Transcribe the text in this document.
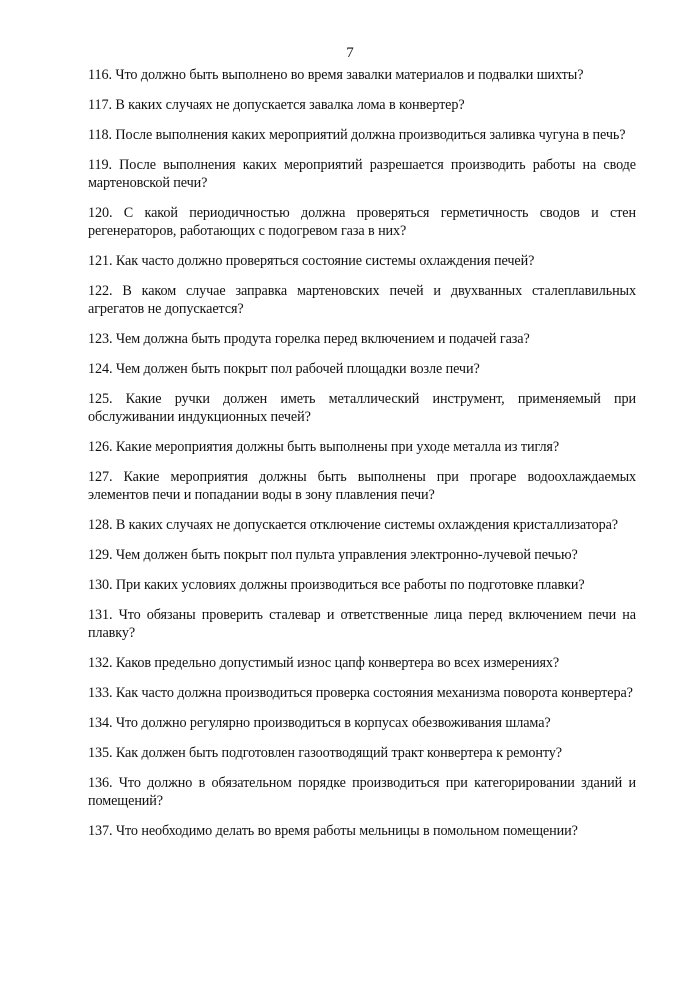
7
116. Что должно быть выполнено во время завалки материалов и подвалки шихты?
117. В каких случаях не допускается завалка лома в конвертер?
118. После выполнения каких мероприятий должна производиться заливка чугуна в печь?
119. После выполнения каких мероприятий разрешается производить работы на своде мартеновской печи?
120. С какой периодичностью должна проверяться герметичность сводов и стен регенераторов, работающих с подогревом газа в них?
121. Как часто должно проверяться состояние системы охлаждения печей?
122. В каком случае заправка мартеновских печей и двухванных сталеплавильных агрегатов не допускается?
123. Чем должна быть продута горелка перед включением и подачей газа?
124. Чем должен быть покрыт пол рабочей площадки возле печи?
125. Какие ручки должен иметь металлический инструмент, применяемый при обслуживании индукционных печей?
126. Какие мероприятия должны быть выполнены при уходе металла из тигля?
127. Какие мероприятия должны быть выполнены при прогаре водоохлаждаемых элементов печи и попадании воды в зону плавления печи?
128. В каких случаях не допускается отключение системы охлаждения кристаллизатора?
129. Чем должен быть покрыт пол пульта управления электронно-лучевой печью?
130. При каких условиях должны производиться все работы по подготовке плавки?
131. Что обязаны проверить сталевар и ответственные лица перед включением печи на плавку?
132. Каков предельно допустимый износ цапф конвертера во всех измерениях?
133. Как часто должна производиться проверка состояния механизма поворота конвертера?
134. Что должно регулярно производиться в корпусах обезвоживания шлама?
135. Как должен быть подготовлен газоотводящий тракт конвертера к ремонту?
136. Что должно в обязательном порядке производиться при категорировании зданий и помещений?
137. Что необходимо делать во время работы мельницы в помольном помещении?
